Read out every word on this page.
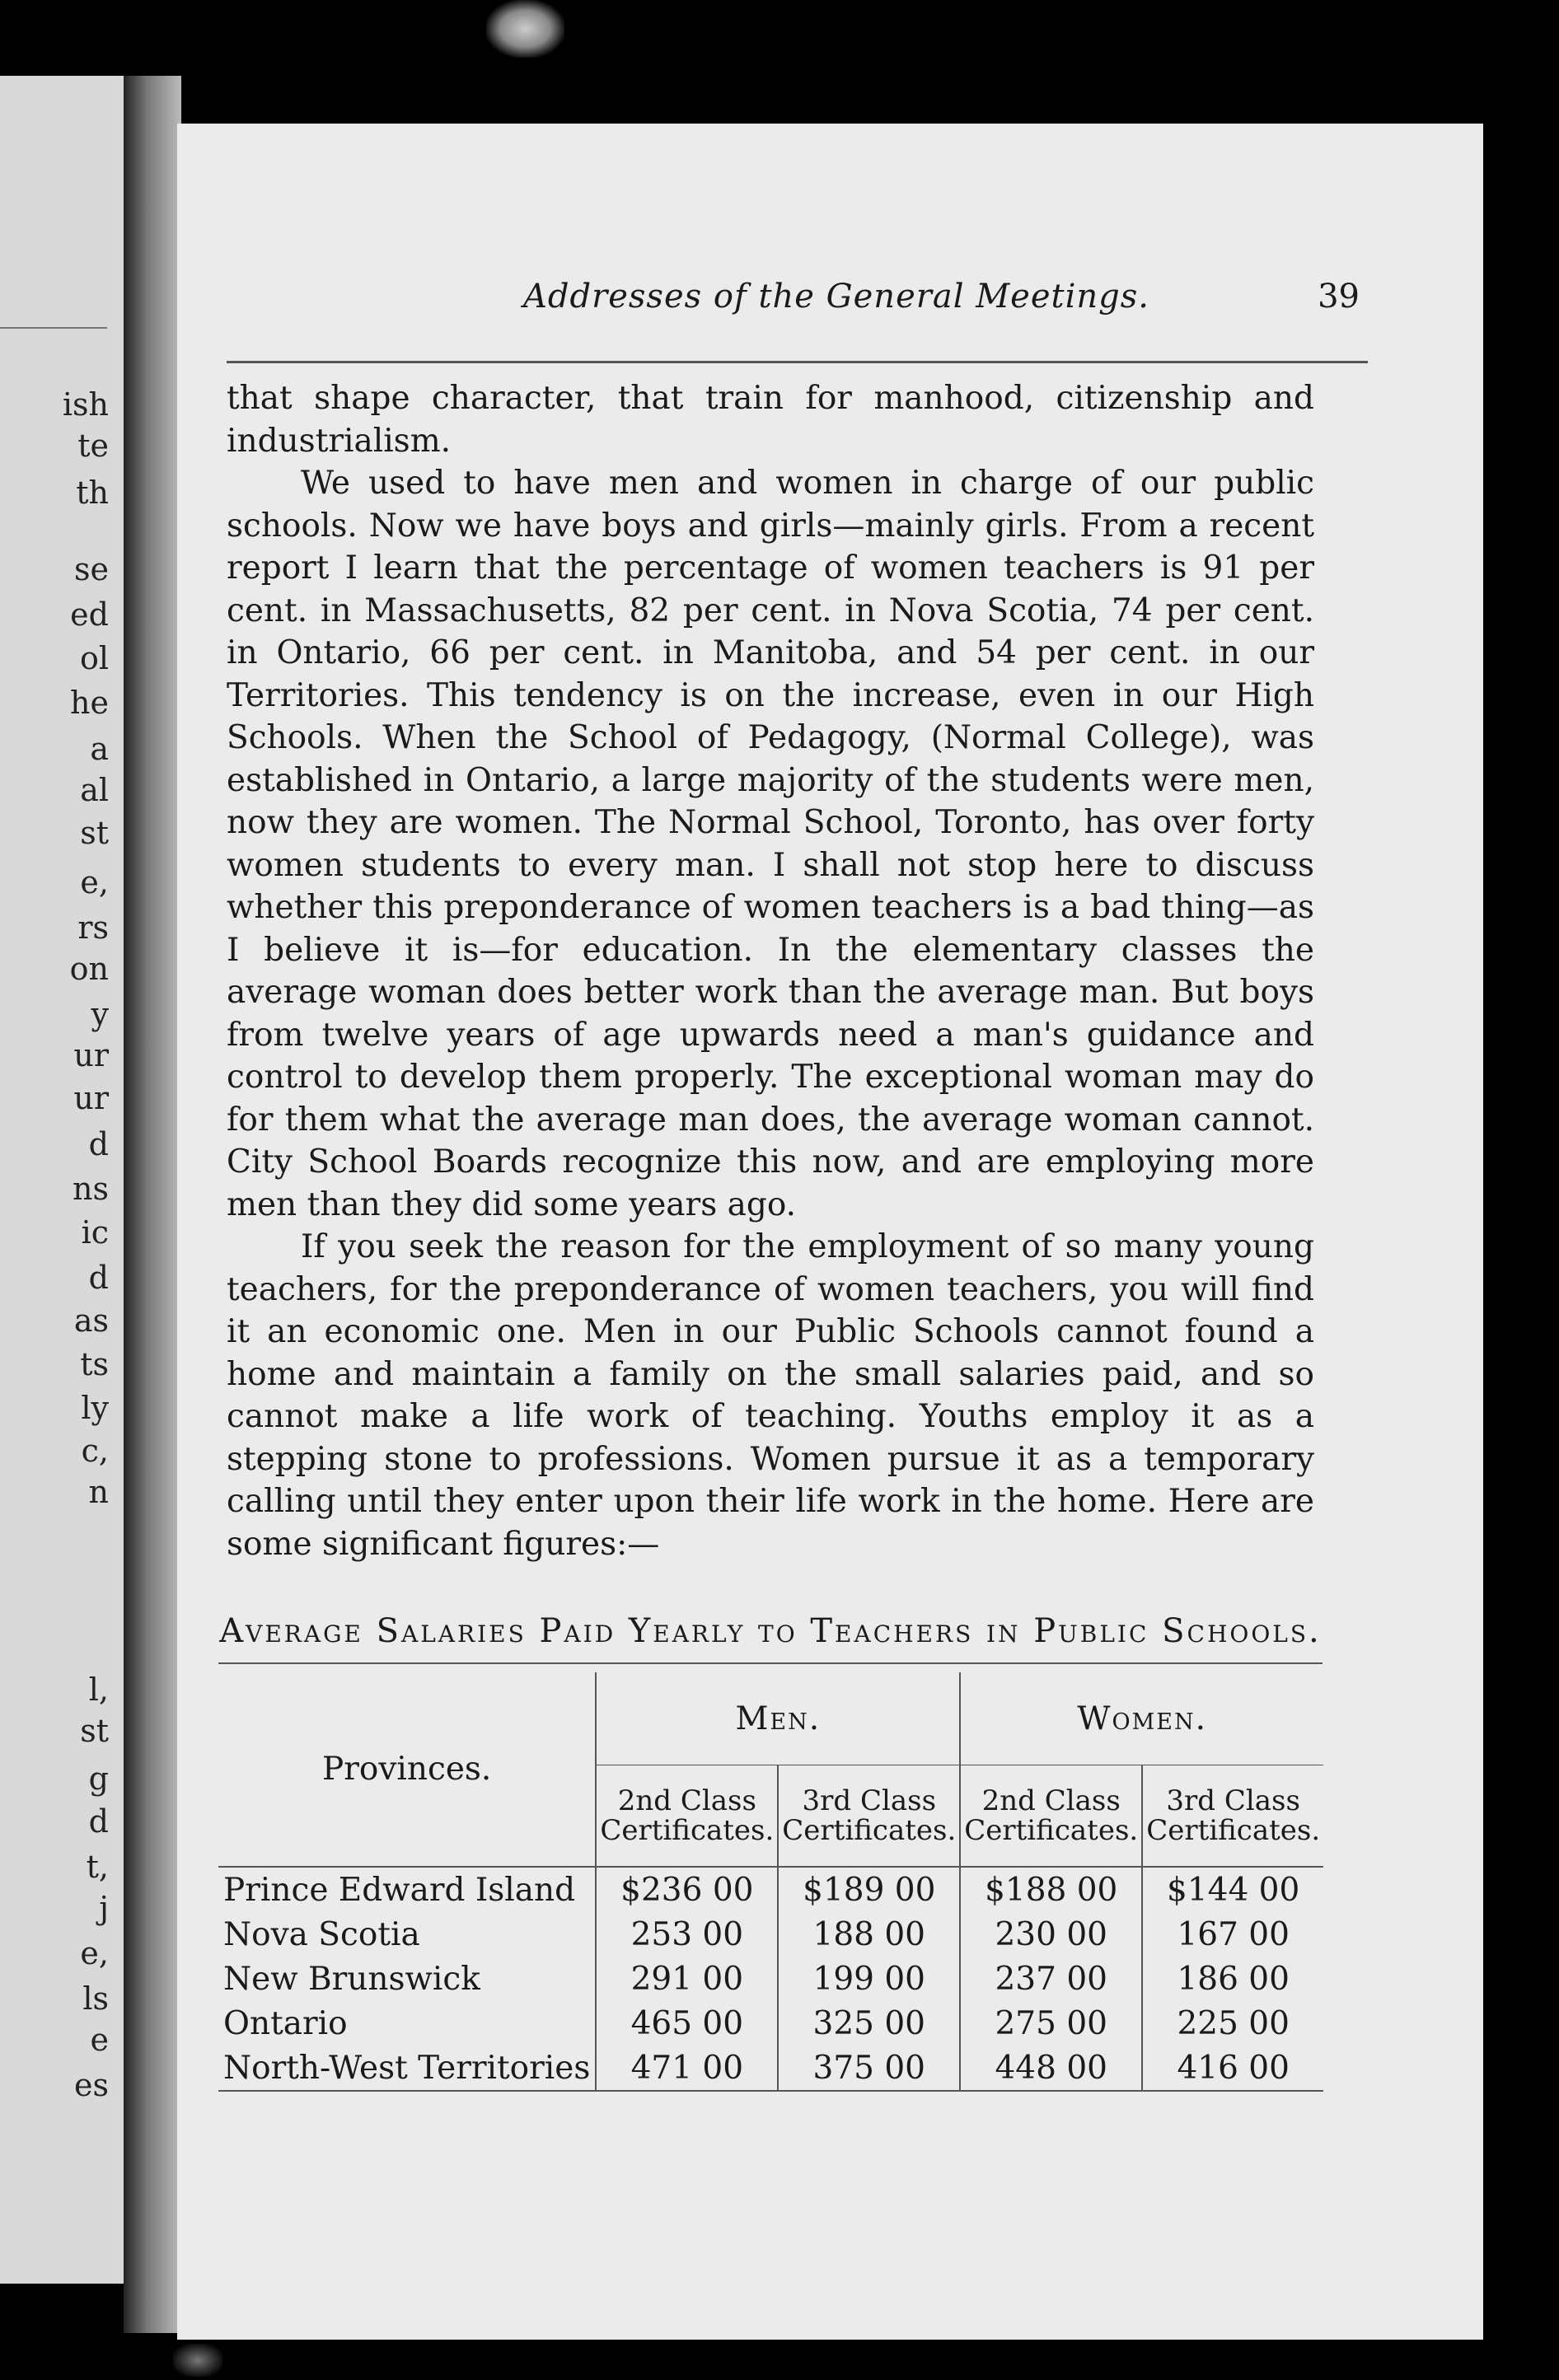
ish
te
th
se
ed
ol
he
a
al
st
e,
rs
on
y
ur
ur
d
ns
ic
d
as
ts
ly
c,
n
l,
st
g
d
t,
j
e,
ls
e
es
Addresses of the General Meetings.	39

that shape character, that train for manhood, citizenship and industrialism.

We used to have men and women in charge of our public schools. Now we have boys and girls—mainly girls. From a recent report I learn that the percentage of women teachers is 91 per cent. in Massachusetts, 82 per cent. in Nova Scotia, 74 per cent. in Ontario, 66 per cent. in Manitoba, and 54 per cent. in our Territories. This tendency is on the increase, even in our High Schools. When the School of Pedagogy, (Normal College), was established in Ontario, a large majority of the students were men, now they are women. The Normal School, Toronto, has over forty women students to every man. I shall not stop here to discuss whether this preponderance of women teachers is a bad thing—as I believe it is—for education. In the elementary classes the average woman does better work than the average man. But boys from twelve years of age upwards need a man's guidance and control to develop them properly. The exceptional woman may do for them what the average man does, the average woman cannot. City School Boards recognize this now, and are employing more men than they did some years ago.

If you seek the reason for the employment of so many young teachers, for the preponderance of women teachers, you will find it an economic one. Men in our Public Schools cannot found a home and maintain a family on the small salaries paid, and so cannot make a life work of teaching. Youths employ it as a stepping stone to professions. Women pursue it as a temporary calling until they enter upon their life work in the home. Here are some significant figures:—

Average Salaries Paid Yearly to Teachers in Public Schools.
Provinces.	Men.		Women.	
	2nd Class Certificates.	3rd Class Certificates.	2nd Class Certificates.	3rd Class Certificates.
Prince Edward Island	$236 00	$189 00	$188 00	$144 00
Nova Scotia	253 00	188 00	230 00	167 00
New Brunswick	291 00	199 00	237 00	186 00
Ontario	465 00	325 00	275 00	225 00
North-West Territories	471 00	375 00	448 00	416 00
